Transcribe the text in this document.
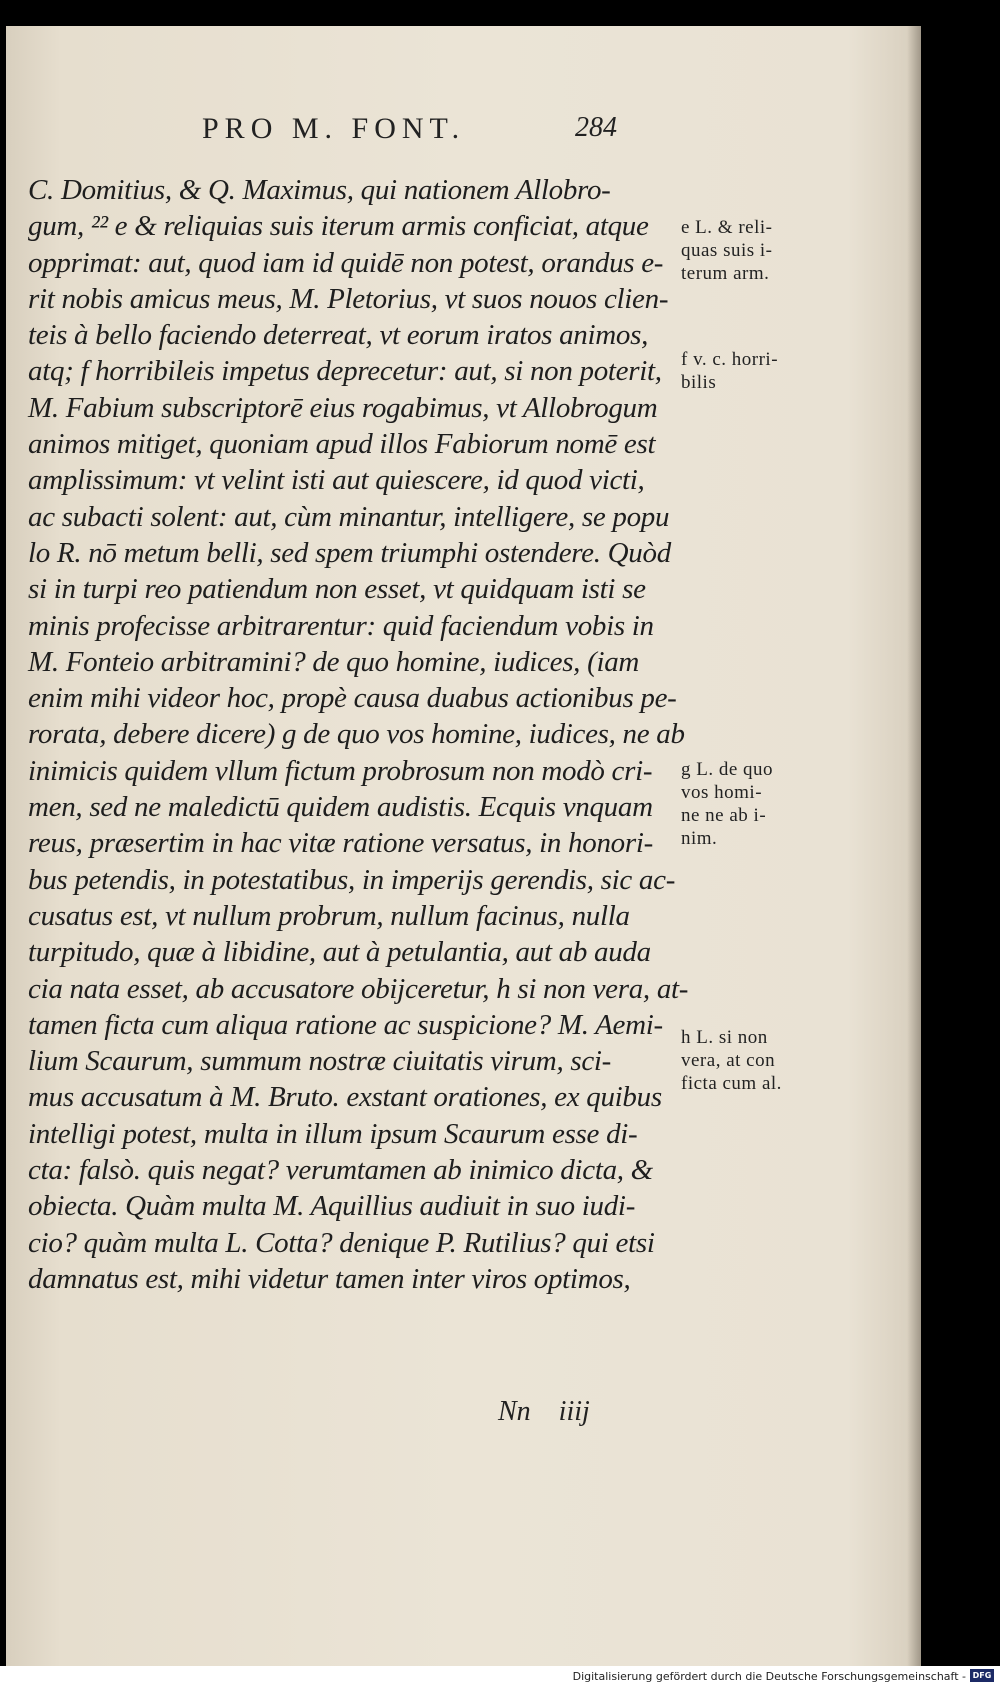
PRO M. FONT.	284
C. Domitius, & Q. Maximus, qui nationem Allobro-
gum, ²² e & reliquias suis iterum armis conficiat, atque
opprimat: aut, quod iam id quidē non potest, orandus e-
rit nobis amicus meus, M. Pletorius, vt suos nouos clien-
teis à bello faciendo deterreat, vt eorum iratos animos,
atq; f horribileis impetus deprecetur: aut, si non poterit,
M. Fabium subscriptorē eius rogabimus, vt Allobrogum
animos mitiget, quoniam apud illos Fabiorum nomē est
amplissimum: vt velint isti aut quiescere, id quod victi,
ac subacti solent: aut, cùm minantur, intelligere, se popu
lo R. nō metum belli, sed spem triumphi ostendere. Quòd
si in turpi reo patiendum non esset, vt quidquam isti se
minis profecisse arbitrarentur: quid faciendum vobis in
M. Fonteio arbitramini? de quo homine, iudices, (iam
enim mihi videor hoc, propè causa duabus actionibus pe-
rorata, debere dicere) g de quo vos homine, iudices, ne ab
inimicis quidem vllum fictum probrosum non modò cri-
men, sed ne maledictū quidem audistis. Ecquis vnquam
reus, præsertim in hac vitæ ratione versatus, in honori-
bus petendis, in potestatibus, in imperijs gerendis, sic ac-
cusatus est, vt nullum probrum, nullum facinus, nulla
turpitudo, quæ à libidine, aut à petulantia, aut ab auda
cia nata esset, ab accusatore obijceretur, h si non vera, at-
tamen ficta cum aliqua ratione ac suspicione? M. Aemi-
lium Scaurum, summum nostræ ciuitatis virum, sci-
mus accusatum à M. Bruto. exstant orationes, ex quibus
intelligi potest, multa in illum ipsum Scaurum esse di-
cta: falsò. quis negat? verumtamen ab inimico dicta, &
obiecta. Quàm multa M. Aquillius audiuit in suo iudi-
cio? quàm multa L. Cotta? denique P. Rutilius? qui etsi
damnatus est, mihi videtur tamen inter viros optimos,
e L. & reli-
quas suis i-
terum arm.
f v. c. horri-
bilis
g L. de quo
vos homi-
ne ne ab i-
nim.
h L. si non
vera, at con
ficta cum al.
Nn    iiij
Digitalisierung gefördert durch die Deutsche Forschungsgemeinschaft - DFG
